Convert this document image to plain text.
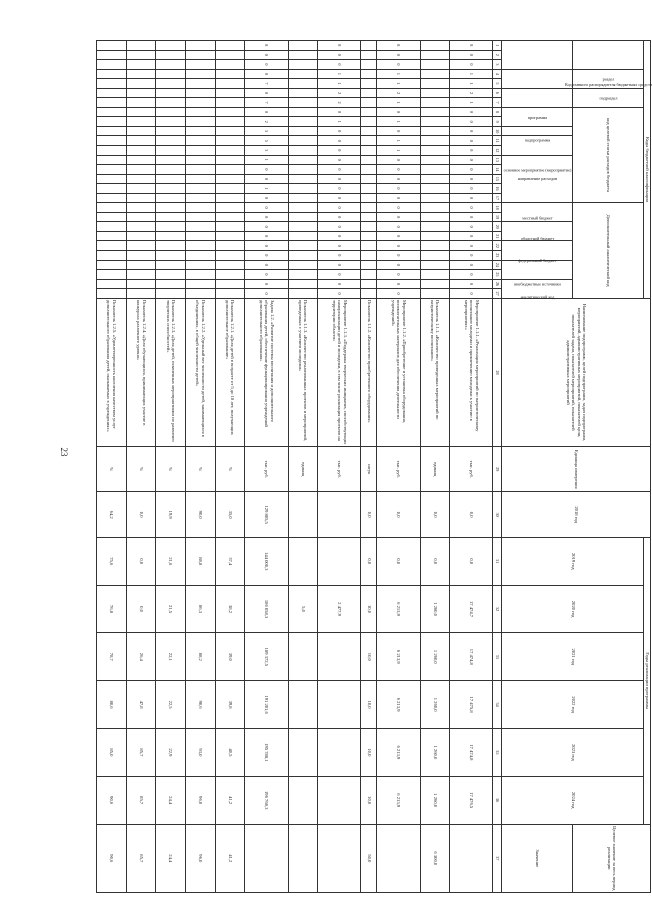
23
Коды бюджетной классификации																											Наименование подпрограмм, целей подпрограмм, задач подпрограмм, мероприятий, административных мероприятий, показателей цели, показателей задачи, показателей мероприятий, показателей административных мероприятий	Единица измерения	2018 год	Годы реализации программы						Целевое значение за весь период реализации
Код главного распорядителя бюджетных средств			раздел		подраздел		код целевой статьи расходов бюджета										Дополнительный аналитический код													2019 год	2020 год	2021 год	2022 год	2023 год	2024 год	
							программа		подпрограмма	основное мероприятие (мероприятие)		направление расходов					местный бюджет		областной бюджет		федеральный бюджет		внебюджетные источники		аналитический код											Значение
1	2	3	4	5	6	7	8	9	10	11	12	13	14	15	16	17	18	19	20	21	22	23	24	25	26	27	28	29	30	31	32	33	34	35	36	37
8	0	0	1	1	2	1	0	0	0	0	0	0	0	0	0	0	0	0	0	0	0	0	0	0	0	0	Мероприятие 1.1.1. «Реализация мероприятий по патриотическому воспитанию молодежи и привлечению молодежи к участию в мероприятиях»	тыс. руб.	0,0	0,0	17 474,7	17 474,8	17 475,8	17 474,8	17 476,5	
																											Показатель 1.1.1. «Количество проведенных мероприятий по патриотическому воспитанию»	единиц	0,0	0,0	1 260,0	1 260,0	1 260,0	1 260,0	1 260,0	6 300,0
8	0	0	1	1	2	1	0	1	0	1	1	0	0	0	0	0	0	0	0	0	0	0	0	0	0	0	Мероприятие 1.1.2. «Приобретение и установка оборудования, вспомогательных материалов для обеспечения деятельности учреждений»	тыс. руб.	0,0	0,0	6 213,9	6 213,9	6 213,9	6 213,9	6 213,9	
																											Показатель 1.1.2. «Количество приобретенного оборудования»	штук	0,0	0,0	10,0	10,0	10,0	10,0	10,0	50,0
8	0	0	1	1	2	2	0	1	0	0	0	0	0	0	0	0	0	0	0	0	0	0	0	0	0	0	Мероприятие 1.1.3. «Поддержка творческих инициатив, способствующих самореализации детей и молодежи, в том числе реализация проектов на территории области»	тыс. руб.			2 477,9					
																											Показатель 1.1.3. «Количество реализованных проектов и мероприятий, проведенных с участием молодежи»	единиц			5,0					
8	0	0	0	7	0	7	0	2	5	5	3	1	0	0	1	0	0	0	0	0	0	0	0	0	0	0	Задача 1.2. «Развитие системы воспитания и дополнительного образования детей, обеспечение функционирования учреждений дополнительного образования»	тыс. руб.	129 805,5	144 000,3	186 058,3	189 372,5	191 201,6	195 788,1	196 768,3	
																											Показатель 1.2.1. «Доля детей в возрасте от 5 до 18 лет, получающих дополнительное образование»	%	35,0	37,4	38,2	39,0	39,8	40,5	41,2	41,2
																											Показатель 1.2.2. «Удельный вес численности детей, занимающихся в объединениях, в общей численности детей»	%	90,0	88,8	86,3	88,2	90,6	93,0	96,0	96,0
																											Показатель 1.2.3. «Доля детей, охваченных мероприятиями по развитию творческих способностей»	%	19,9	21,6	21,5	22,1	22,5	22,9	24,4	24,4
																											Показатель 1.2.4. «Доля обучающихся, принимающих участие в конкурсах различного уровня»	%	0,0	0,0	0,0	26,4	47,8	85,7	85,7	85,7
																											Показатель 1.2.5. «Удовлетворенность населения качеством услуг дополнительного образования детей, оказываемых в учреждениях»	%	64,2	75,6	76,8	78,7	80,6	85,0	90,6	90,6
